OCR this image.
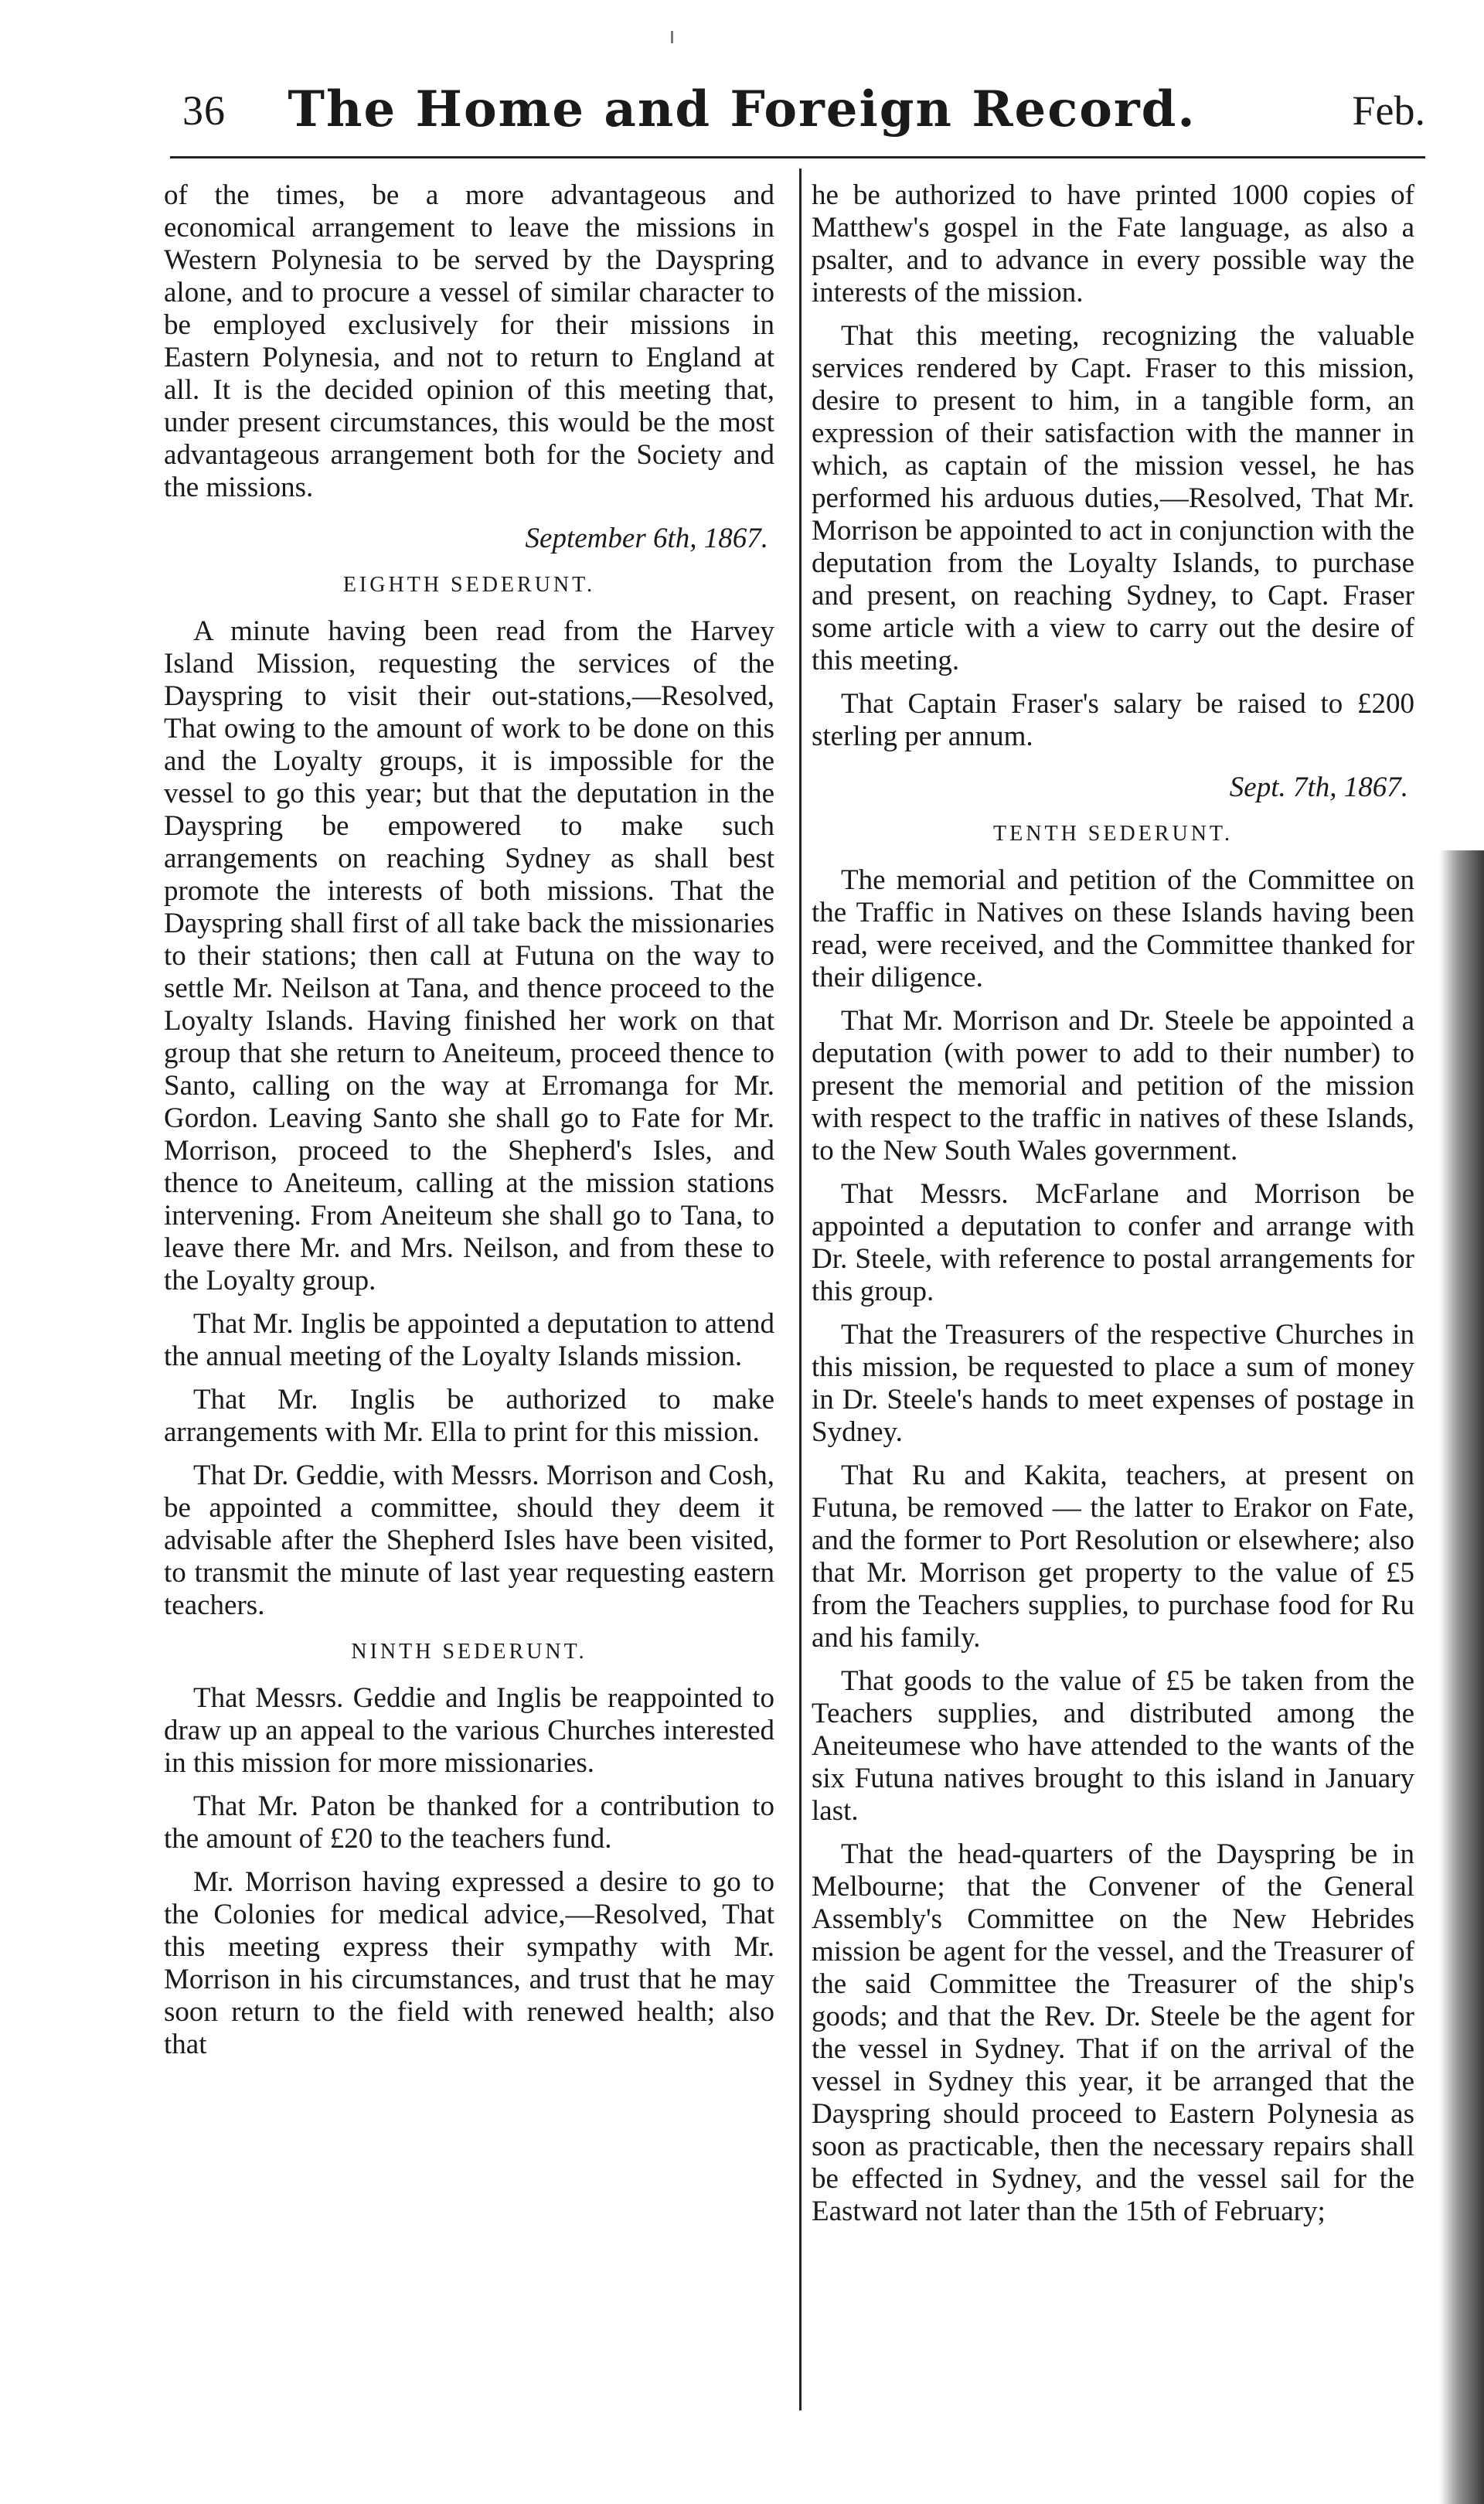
36	The Home and Foreign Record.	Feb.

of the times, be a more advantageous and economical arrangement to leave the missions in Western Polynesia to be served by the Dayspring alone, and to procure a vessel of similar character to be employed exclusively for their missions in Eastern Polynesia, and not to return to England at all. It is the decided opinion of this meeting that, under present circumstances, this would be the most advantageous arrangement both for the Society and the missions.

September 6th, 1867.
EIGHTH SEDERUNT.

A minute having been read from the Harvey Island Mission, requesting the services of the Dayspring to visit their out-stations,—Resolved, That owing to the amount of work to be done on this and the Loyalty groups, it is impossible for the vessel to go this year; but that the deputation in the Dayspring be empowered to make such arrangements on reaching Sydney as shall best promote the interests of both missions. That the Dayspring shall first of all take back the missionaries to their stations; then call at Futuna on the way to settle Mr. Neilson at Tana, and thence proceed to the Loyalty Islands. Having finished her work on that group that she return to Aneiteum, proceed thence to Santo, calling on the way at Erromanga for Mr. Gordon. Leaving Santo she shall go to Fate for Mr. Morrison, proceed to the Shepherd's Isles, and thence to Aneiteum, calling at the mission stations intervening. From Aneiteum she shall go to Tana, to leave there Mr. and Mrs. Neilson, and from these to the Loyalty group.

That Mr. Inglis be appointed a deputation to attend the annual meeting of the Loyalty Islands mission.

That Mr. Inglis be authorized to make arrangements with Mr. Ella to print for this mission.

That Dr. Geddie, with Messrs. Morrison and Cosh, be appointed a committee, should they deem it advisable after the Shepherd Isles have been visited, to transmit the minute of last year requesting eastern teachers.

NINTH SEDERUNT.

That Messrs. Geddie and Inglis be reappointed to draw up an appeal to the various Churches interested in this mission for more missionaries.

That Mr. Paton be thanked for a contribution to the amount of £20 to the teachers fund.

Mr. Morrison having expressed a desire to go to the Colonies for medical advice,—Resolved, That this meeting express their sympathy with Mr. Morrison in his circumstances, and trust that he may soon return to the field with renewed health; also that

he be authorized to have printed 1000 copies of Matthew's gospel in the Fate language, as also a psalter, and to advance in every possible way the interests of the mission.

That this meeting, recognizing the valuable services rendered by Capt. Fraser to this mission, desire to present to him, in a tangible form, an expression of their satisfaction with the manner in which, as captain of the mission vessel, he has performed his arduous duties,—Resolved, That Mr. Morrison be appointed to act in conjunction with the deputation from the Loyalty Islands, to purchase and present, on reaching Sydney, to Capt. Fraser some article with a view to carry out the desire of this meeting.

That Captain Fraser's salary be raised to £200 sterling per annum.

Sept. 7th, 1867.
TENTH SEDERUNT.

The memorial and petition of the Committee on the Traffic in Natives on these Islands having been read, were received, and the Committee thanked for their diligence.

That Mr. Morrison and Dr. Steele be appointed a deputation (with power to add to their number) to present the memorial and petition of the mission with respect to the traffic in natives of these Islands, to the New South Wales government.

That Messrs. McFarlane and Morrison be appointed a deputation to confer and arrange with Dr. Steele, with reference to postal arrangements for this group.

That the Treasurers of the respective Churches in this mission, be requested to place a sum of money in Dr. Steele's hands to meet expenses of postage in Sydney.

That Ru and Kakita, teachers, at present on Futuna, be removed — the latter to Erakor on Fate, and the former to Port Resolution or elsewhere; also that Mr. Morrison get property to the value of £5 from the Teachers supplies, to purchase food for Ru and his family.

That goods to the value of £5 be taken from the Teachers supplies, and distributed among the Aneiteumese who have attended to the wants of the six Futuna natives brought to this island in January last.

That the head-quarters of the Dayspring be in Melbourne; that the Convener of the General Assembly's Committee on the New Hebrides mission be agent for the vessel, and the Treasurer of the said Committee the Treasurer of the ship's goods; and that the Rev. Dr. Steele be the agent for the vessel in Sydney. That if on the arrival of the vessel in Sydney this year, it be arranged that the Dayspring should proceed to Eastern Polynesia as soon as practicable, then the necessary repairs shall be effected in Sydney, and the vessel sail for the Eastward not later than the 15th of February;
